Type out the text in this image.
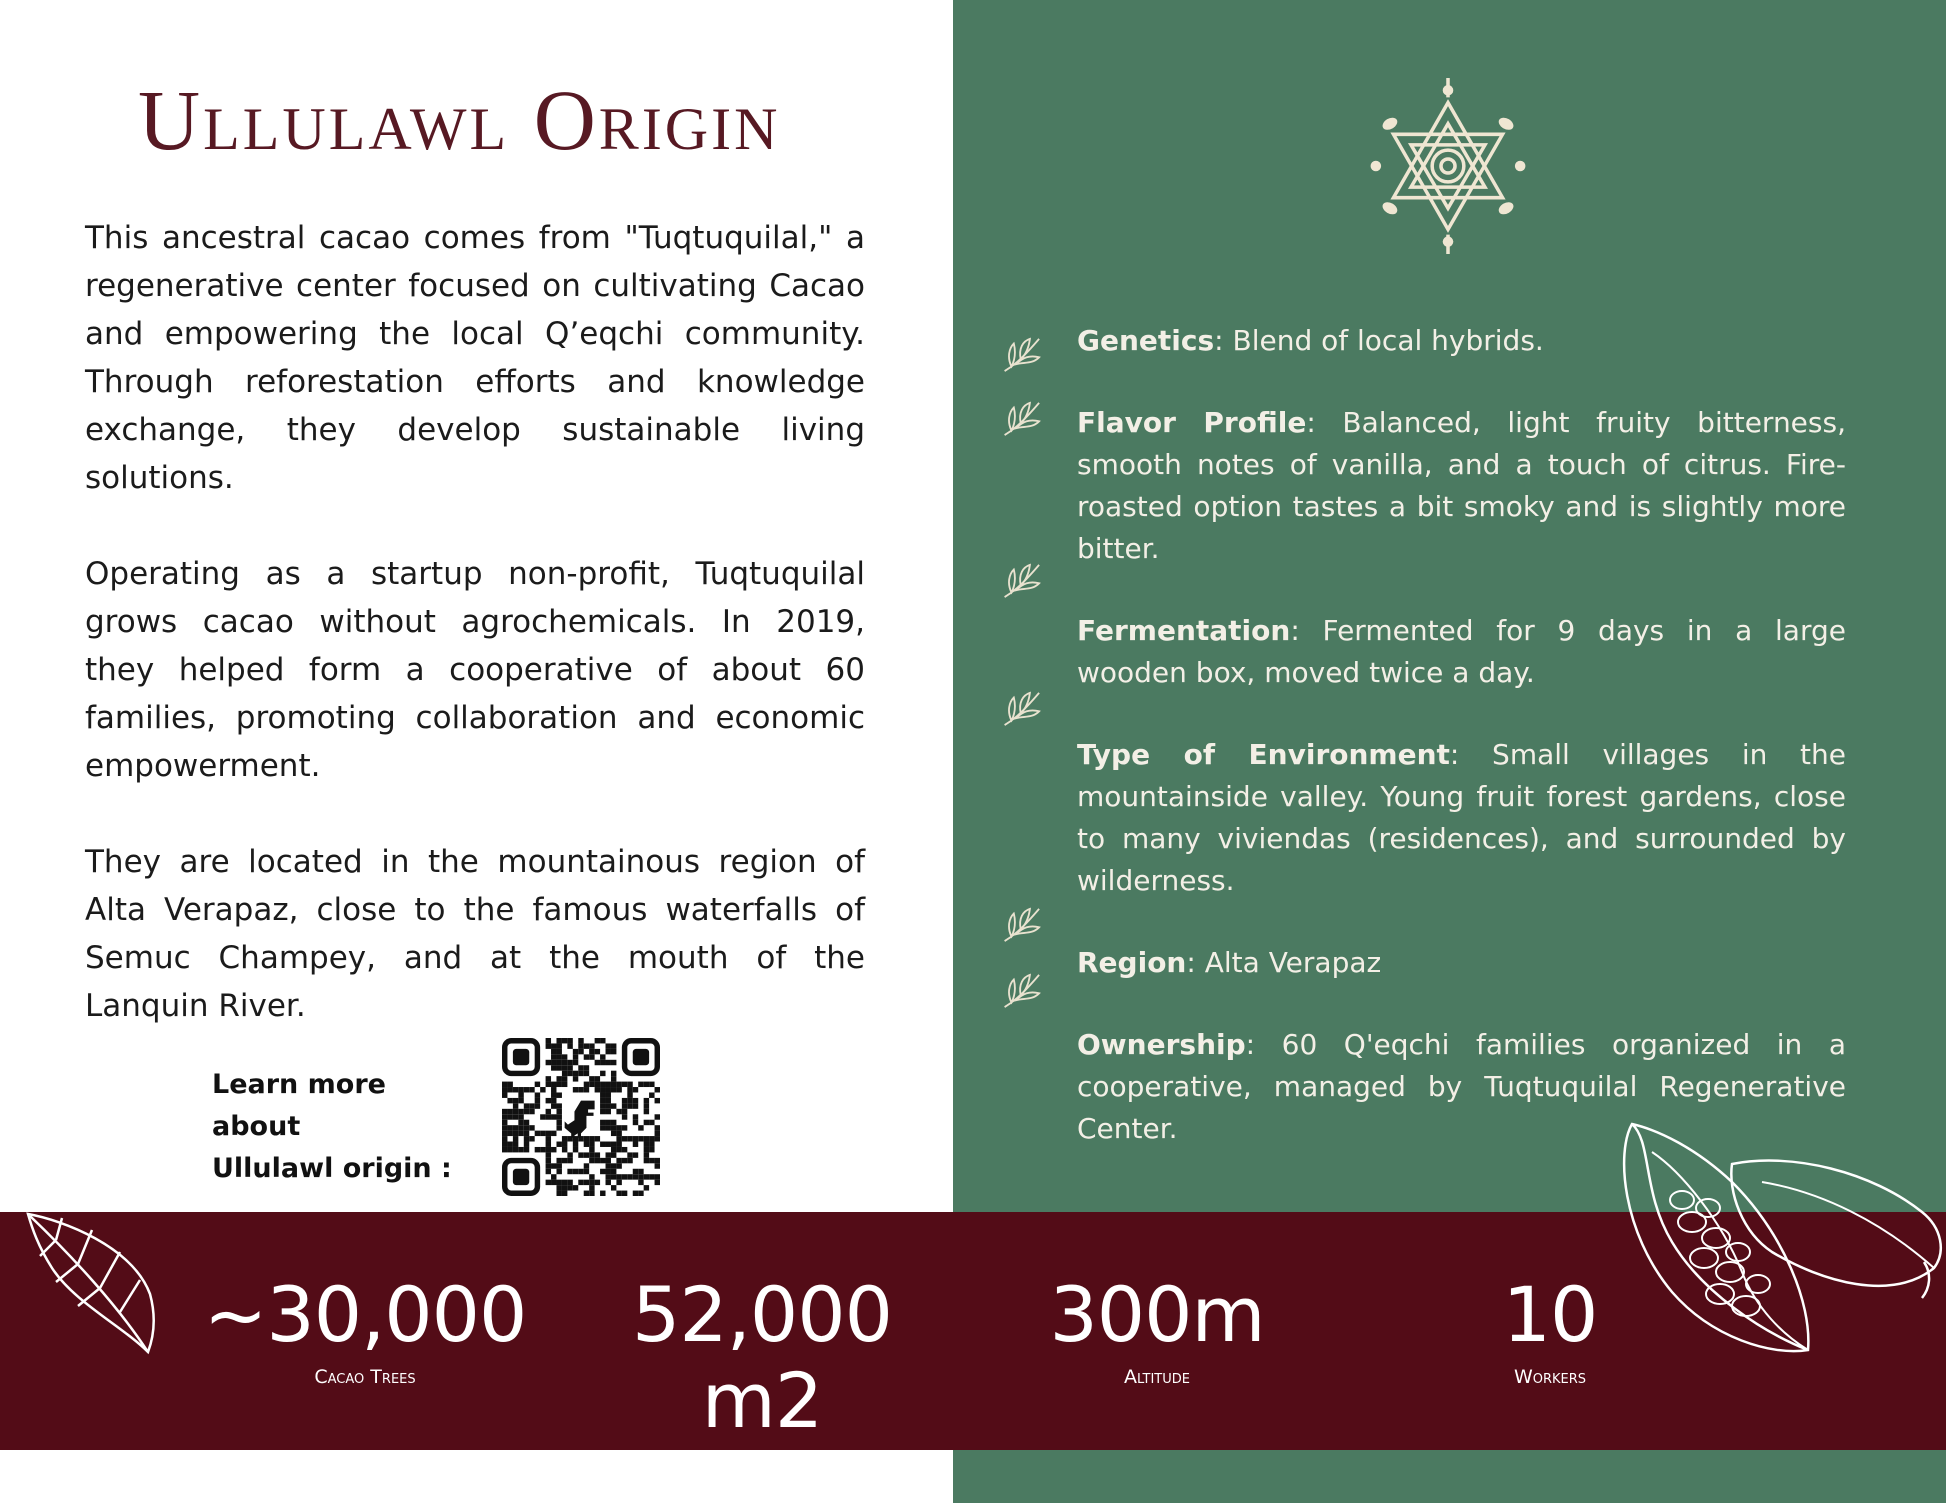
Ullulawl Origin

This ancestral cacao comes from "Tuqtuquilal," a regenerative center focused on cultivating Cacao and empowering the local Q’eqchi community. Through reforestation efforts and knowledge exchange, they develop sustainable living solutions.

Operating as a startup non-profit, Tuqtuquilal grows cacao without agrochemicals. In 2019, they helped form a cooperative of about 60 families, promoting collaboration and economic empowerment.

They are located in the mountainous region of Alta Verapaz, close to the famous waterfalls of Semuc Champey, and at the mouth of the Lanquin River.

Learn more about
Ullulawl origin :
Genetics: Blend of local hybrids.
Flavor Profile: Balanced, light fruity bitterness, smooth notes of vanilla, and a touch of citrus. Fire-roasted option tastes a bit smoky and is slightly more bitter.
Fermentation: Fermented for 9 days in a large wooden box, moved twice a day.
Type of Environment: Small villages in the mountainside valley. Young fruit forest gardens, close to many viviendas (residences), and surrounded by wilderness.
Region: Alta Verapaz
Ownership: 60 Q'eqchi families organized in a cooperative, managed by Tuqtuquilal Regenerative Center.
~30,000
Cacao Trees
52,000 m2
Land Size
300m
Altitude
10
Workers
